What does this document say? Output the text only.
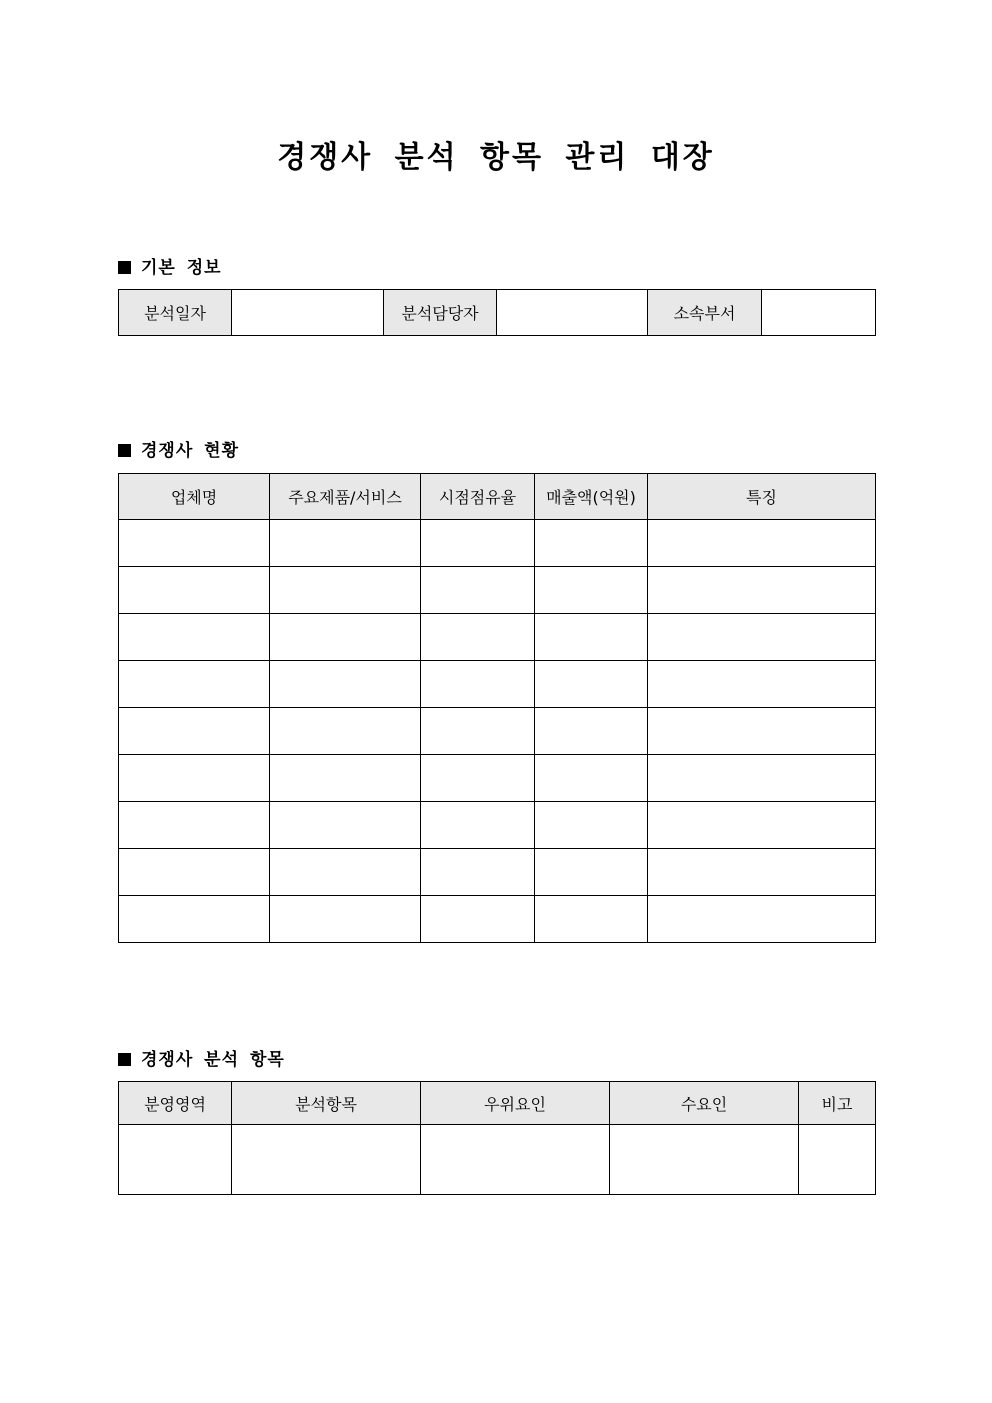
경쟁사 분석 항목 관리 대장
기본 정보
분석일자		분석담당자		소속부서	
경쟁사 현황
업체명	주요제품/서비스	시점점유율	매출액(억원)	특징

경쟁사 분석 항목
분영영역	분석항목	우위요인	수요인	비고
